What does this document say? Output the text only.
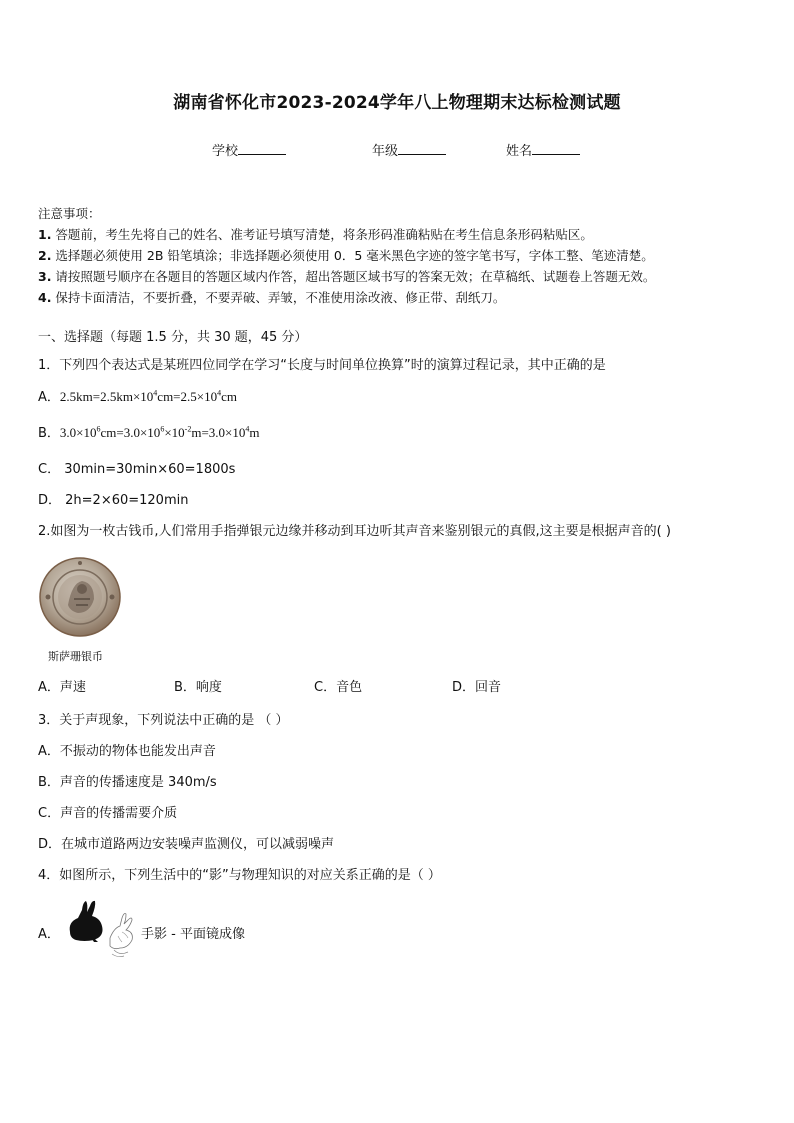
湖南省怀化市2023-2024学年八上物理期末达标检测试题
学校	年级	姓名
注意事项：
1. 答题前，考生先将自己的姓名、准考证号填写清楚，将条形码准确粘贴在考生信息条形码粘贴区。
2. 选择题必须使用 2B 铅笔填涂；非选择题必须使用 0．5 毫米黑色字迹的签字笔书写，字体工整、笔迹清楚。
3. 请按照题号顺序在各题目的答题区域内作答，超出答题区域书写的答案无效；在草稿纸、试题卷上答题无效。
4. 保持卡面清洁，不要折叠，不要弄破、弄皱，不准使用涂改液、修正带、刮纸刀。
一、选择题（每题 1.5 分，共 30 题，45 分）
1．下列四个表达式是某班四位同学在学习“长度与时间单位换算”时的演算过程记录，其中正确的是
A．$2.5km=2.5km\times 10^4cm=2.5\times 10^4cm$
B．$3.0\times 10^6cm=3.0\times 10^6\times 10^{-2}m=3.0\times 10^4m$
C． 30min=30min×60=1800s
D． 2h=2×60=120min
2.如图为一枚古钱币,人们常用手指弹银元边缘并移动到耳边听其声音来鉴别银元的真假,这主要是根据声音的( )
斯萨珊银币
A．声速	B．响度	C．音色	D．回音
3．关于声现象，下列说法中正确的是 （ ）
A．不振动的物体也能发出声音
B．声音的传播速度是 340m/s
C．声音的传播需要介质
D．在城市道路两边安装噪声监测仪，可以减弱噪声
4．如图所示，下列生活中的“影”与物理知识的对应关系正确的是（ ）
A．	手影 - 平面镜成像
